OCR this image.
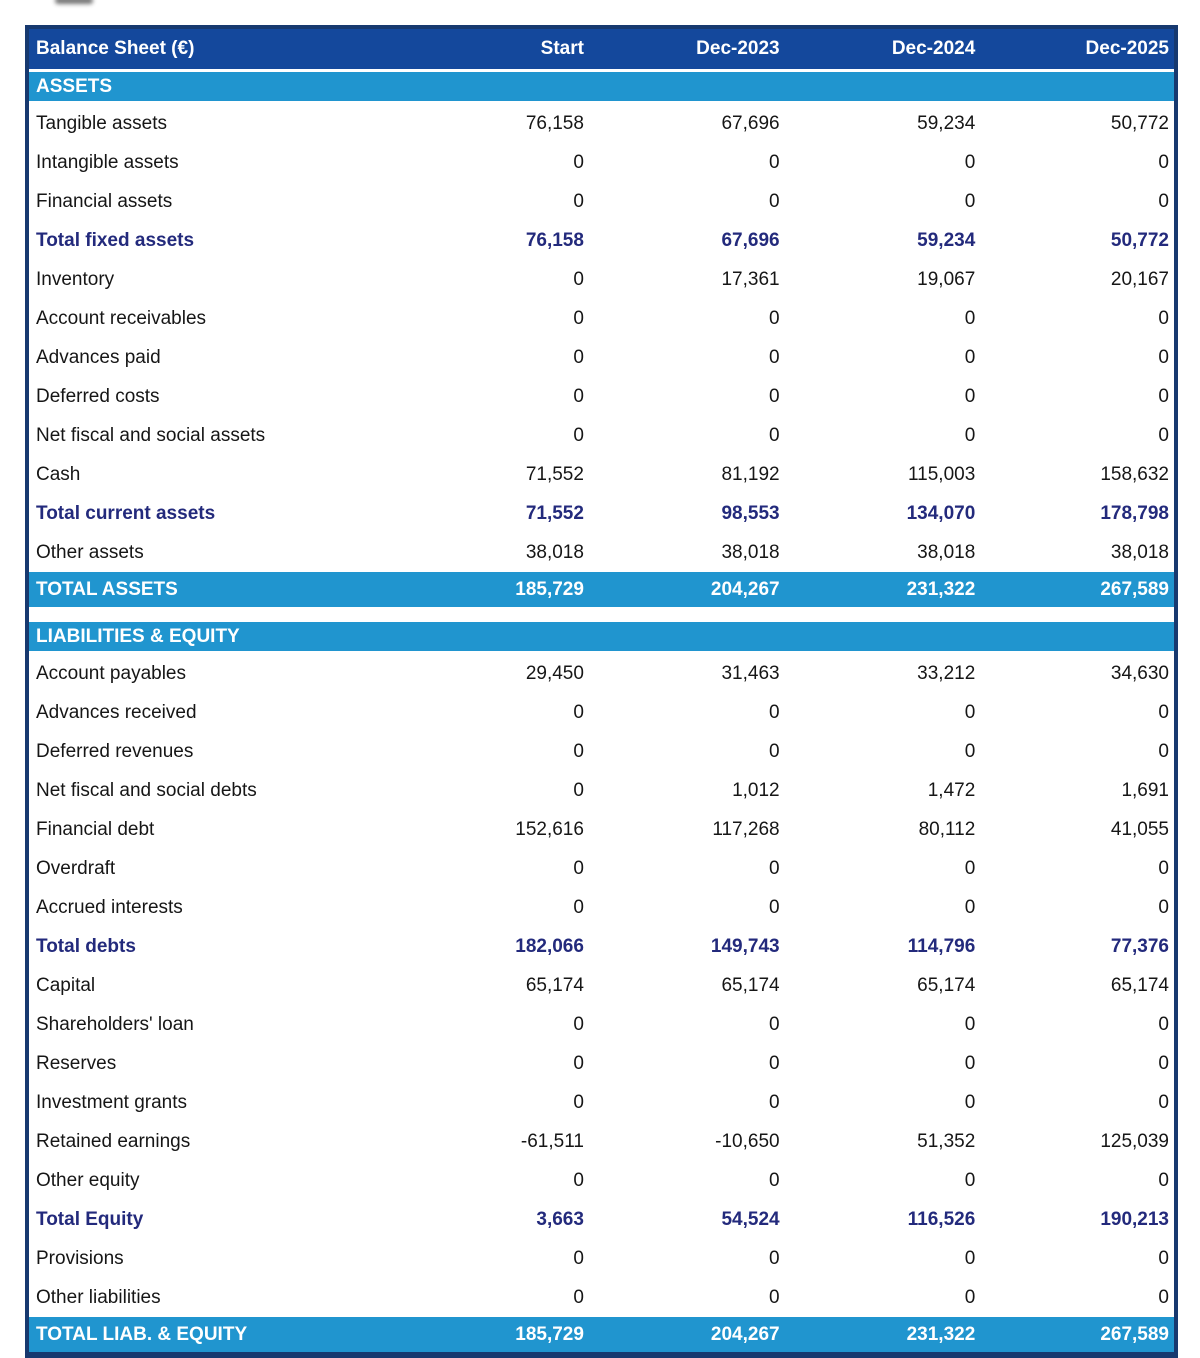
Balance Sheet (€)	Start	Dec-2023	Dec-2024	Dec-2025
ASSETS				
Tangible assets	76,158	67,696	59,234	50,772
Intangible assets	0	0	0	0
Financial assets	0	0	0	0
Total fixed assets	76,158	67,696	59,234	50,772
Inventory	0	17,361	19,067	20,167
Account receivables	0	0	0	0
Advances paid	0	0	0	0
Deferred costs	0	0	0	0
Net fiscal and social assets	0	0	0	0
Cash	71,552	81,192	115,003	158,632
Total current assets	71,552	98,553	134,070	178,798
Other assets	38,018	38,018	38,018	38,018
TOTAL ASSETS	185,729	204,267	231,322	267,589

LIABILITIES & EQUITY				
Account payables	29,450	31,463	33,212	34,630
Advances received	0	0	0	0
Deferred revenues	0	0	0	0
Net fiscal and social debts	0	1,012	1,472	1,691
Financial debt	152,616	117,268	80,112	41,055
Overdraft	0	0	0	0
Accrued interests	0	0	0	0
Total debts	182,066	149,743	114,796	77,376
Capital	65,174	65,174	65,174	65,174
Shareholders' loan	0	0	0	0
Reserves	0	0	0	0
Investment grants	0	0	0	0
Retained earnings	-61,511	-10,650	51,352	125,039
Other equity	0	0	0	0
Total Equity	3,663	54,524	116,526	190,213
Provisions	0	0	0	0
Other liabilities	0	0	0	0
TOTAL LIAB. & EQUITY	185,729	204,267	231,322	267,589
